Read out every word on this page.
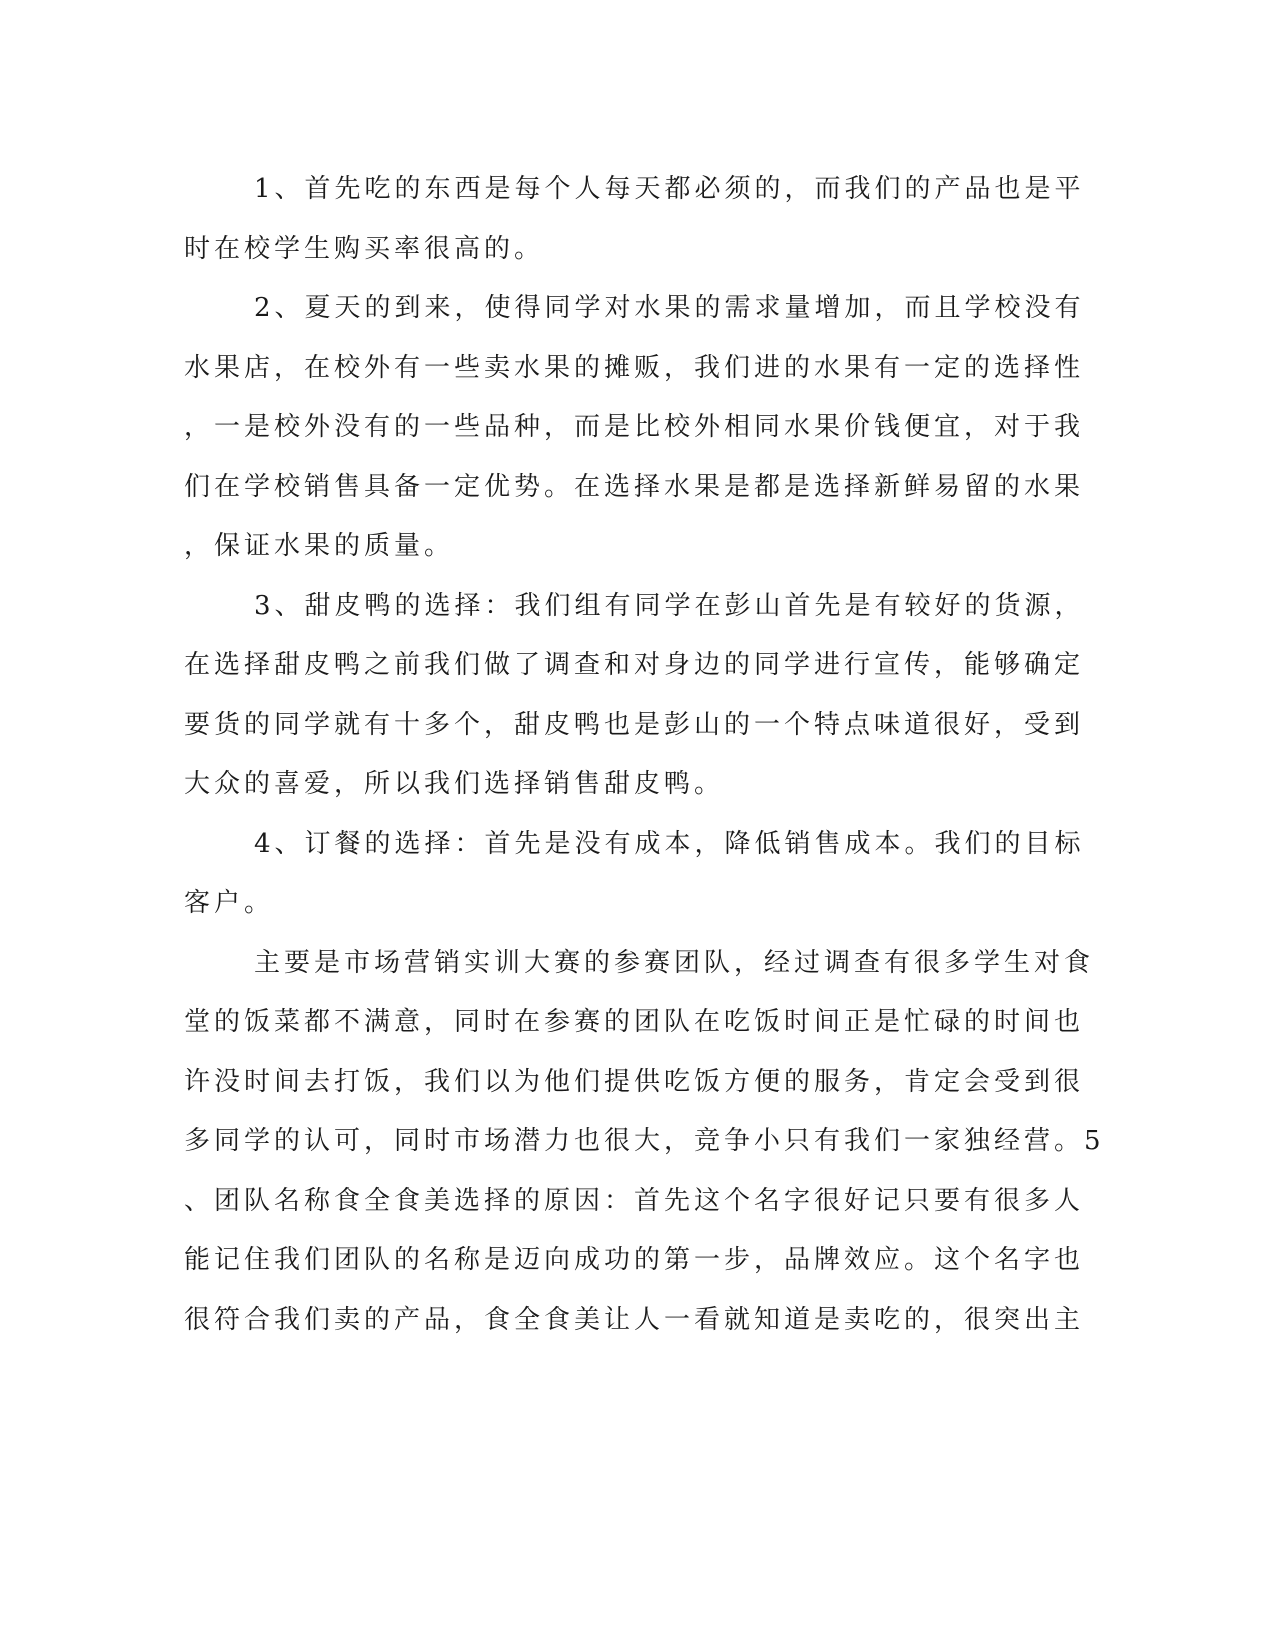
1、首先吃的东西是每个人每天都必须的，而我们的产品也是平
时在校学生购买率很高的。
2、夏天的到来，使得同学对水果的需求量增加，而且学校没有
水果店，在校外有一些卖水果的摊贩，我们进的水果有一定的选择性
，一是校外没有的一些品种，而是比校外相同水果价钱便宜，对于我
们在学校销售具备一定优势。在选择水果是都是选择新鲜易留的水果
，保证水果的质量。
3、甜皮鸭的选择：我们组有同学在彭山首先是有较好的货源，
在选择甜皮鸭之前我们做了调查和对身边的同学进行宣传，能够确定
要货的同学就有十多个，甜皮鸭也是彭山的一个特点味道很好，受到
大众的喜爱，所以我们选择销售甜皮鸭。
4、订餐的选择：首先是没有成本，降低销售成本。我们的目标
客户。
主要是市场营销实训大赛的参赛团队，经过调查有很多学生对食
堂的饭菜都不满意，同时在参赛的团队在吃饭时间正是忙碌的时间也
许没时间去打饭，我们以为他们提供吃饭方便的服务，肯定会受到很
多同学的认可，同时市场潜力也很大，竞争小只有我们一家独经营。5
、团队名称食全食美选择的原因：首先这个名字很好记只要有很多人
能记住我们团队的名称是迈向成功的第一步，品牌效应。这个名字也
很符合我们卖的产品，食全食美让人一看就知道是卖吃的，很突出主
